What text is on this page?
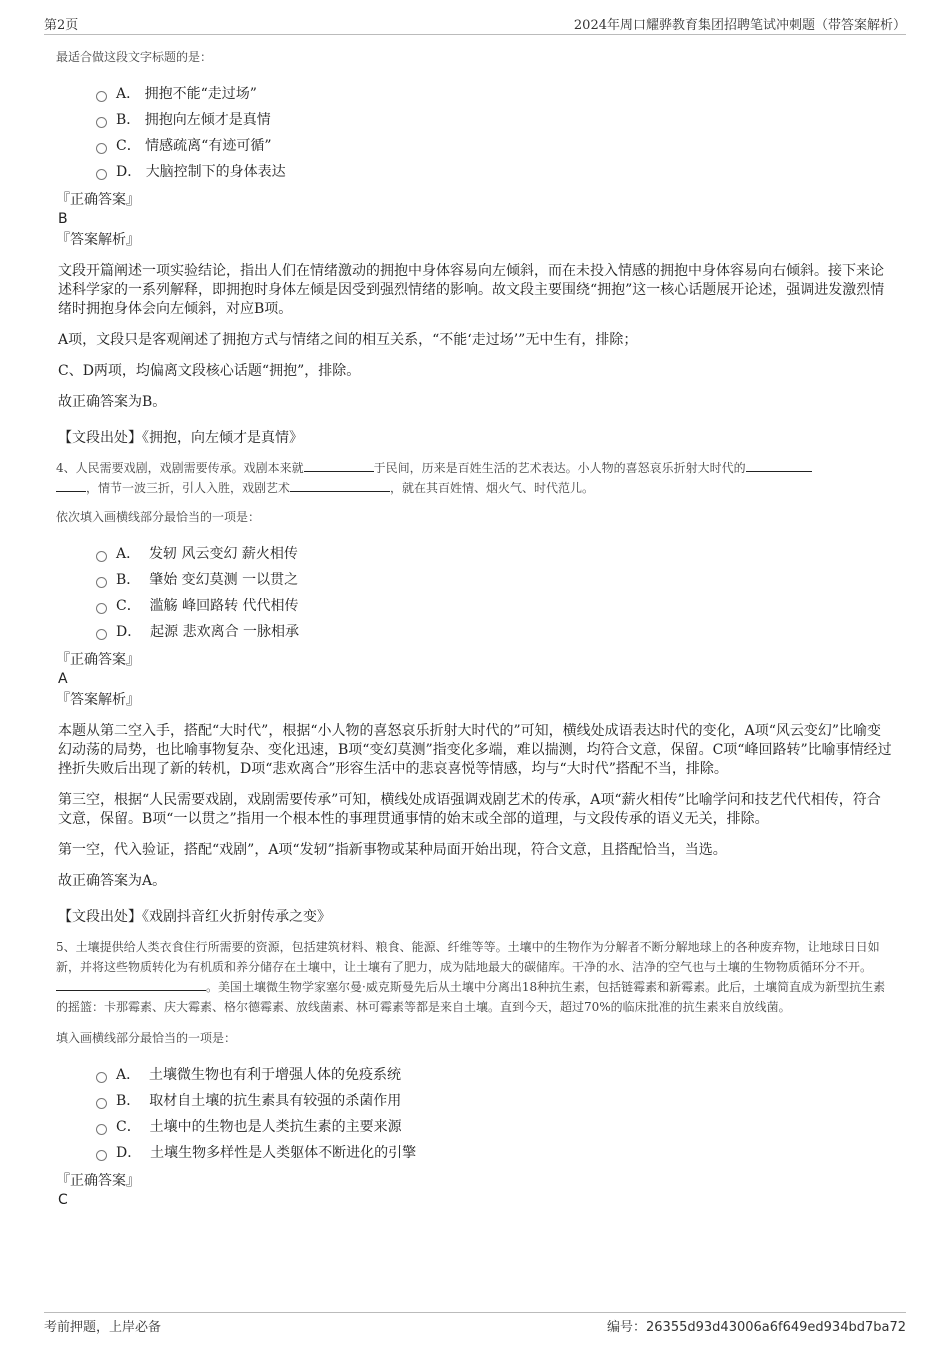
第2页	2024年周口耀骅教育集团招聘笔试冲刺题（带答案解析）

最适合做这段文字标题的是：

A．
拥抱不能“走过场”
B．
拥抱向左倾才是真情
C．
情感疏离“有迹可循”
D．
大脑控制下的身体表达

『正确答案』

B

『答案解析』

文段开篇阐述一项实验结论，指出人们在情绪激动的拥抱中身体容易向左倾斜，而在未投入情感的拥抱中身体容易向右倾斜。接下来论述科学家的一系列解释，即拥抱时身体左倾是因受到强烈情绪的影响。故文段主要围绕“拥抱”这一核心话题展开论述，强调进发激烈情绪时拥抱身体会向左倾斜，对应B项。

A项，文段只是客观阐述了拥抱方式与情绪之间的相互关系，“不能‘走过场’”无中生有，排除；

C、D两项，均偏离文段核心话题“拥抱”，排除。

故正确答案为B。

【文段出处】《拥抱，向左倾才是真情》

4、人民需要戏剧，戏剧需要传承。戏剧本来就	于民间，历来是百姓生活的艺术表达。小人物的喜怒哀乐折射大时代的
，情节一波三折，引人入胜，戏剧艺术	，就在其百姓情、烟火气、时代范儿。

依次填入画横线部分最恰当的一项是：

A．
发轫 风云变幻 薪火相传
B．
肇始 变幻莫测 一以贯之
C．
滥觞 峰回路转 代代相传
D．
起源 悲欢离合 一脉相承

『正确答案』

A

『答案解析』

本题从第二空入手，搭配“大时代”，根据“小人物的喜怒哀乐折射大时代的”可知，横线处成语表达时代的变化，A项“风云变幻”比喻变幻动荡的局势，也比喻事物复杂、变化迅速，B项“变幻莫测”指变化多端，难以揣测，均符合文意，保留。C项“峰回路转”比喻事情经过挫折失败后出现了新的转机，D项“悲欢离合”形容生活中的悲哀喜悦等情感，均与“大时代”搭配不当，排除。

第三空，根据“人民需要戏剧，戏剧需要传承”可知，横线处成语强调戏剧艺术的传承，A项“薪火相传”比喻学问和技艺代代相传，符合文意，保留。B项“一以贯之”指用一个根本性的事理贯通事情的始末或全部的道理，与文段传承的语义无关，排除。

第一空，代入验证，搭配“戏剧”，A项“发轫”指新事物或某种局面开始出现，符合文意，且搭配恰当，当选。

故正确答案为A。

【文段出处】《戏剧抖音红火折射传承之变》

5、土壤提供给人类衣食住行所需要的资源，包括建筑材料、粮食、能源、纤维等等。土壤中的生物作为分解者不断分解地球上的各种废弃物，让地球日日如新，并将这些物质转化为有机质和养分储存在土壤中，让土壤有了肥力，成为陆地最大的碳储库。干净的水、洁净的空气也与土壤的生物物质循环分不开。。美国土壤微生物学家塞尔曼·威克斯曼先后从土壤中分离出18种抗生素，包括链霉素和新霉素。此后，土壤简直成为新型抗生素的摇篮：卡那霉素、庆大霉素、格尔德霉素、放线菌素、林可霉素等都是来自土壤。直到今天，超过70%的临床批准的抗生素来自放线菌。

填入画横线部分最恰当的一项是：

A．
土壤微生物也有利于增强人体的免疫系统
B．
取材自土壤的抗生素具有较强的杀菌作用
C．
土壤中的生物也是人类抗生素的主要来源
D．
土壤生物多样性是人类躯体不断进化的引擎

『正确答案』

C

考前押题，上岸必备	编号：26355d93d43006a6f649ed934bd7ba72
